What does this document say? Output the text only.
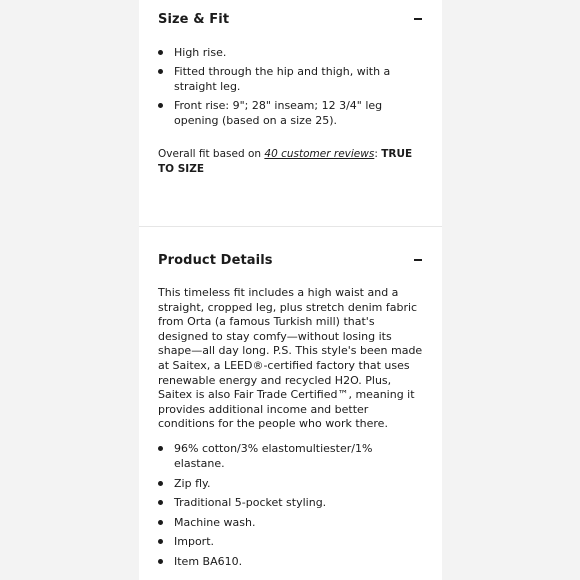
Size & Fit
High rise.
Fitted through the hip and thigh, with a straight leg.
Front rise: 9"; 28" inseam; 12 3/4" leg opening (based on a size 25).
Overall fit based on 40 customer reviews: TRUE TO SIZE
Product Details

This timeless fit includes a high waist and a straight, cropped leg, plus stretch denim fabric from Orta (a famous Turkish mill) that's designed to stay comfy—without losing its shape—all day long. P.S. This style's been made at Saitex, a LEED®-certified factory that uses renewable energy and recycled H2O. Plus, Saitex is also Fair Trade Certified™, meaning it provides additional income and better conditions for the people who work there.

96% cotton/3% elastomultiester/1% elastane.
Zip fly.
Traditional 5-pocket styling.
Machine wash.
Import.
Item BA610.
